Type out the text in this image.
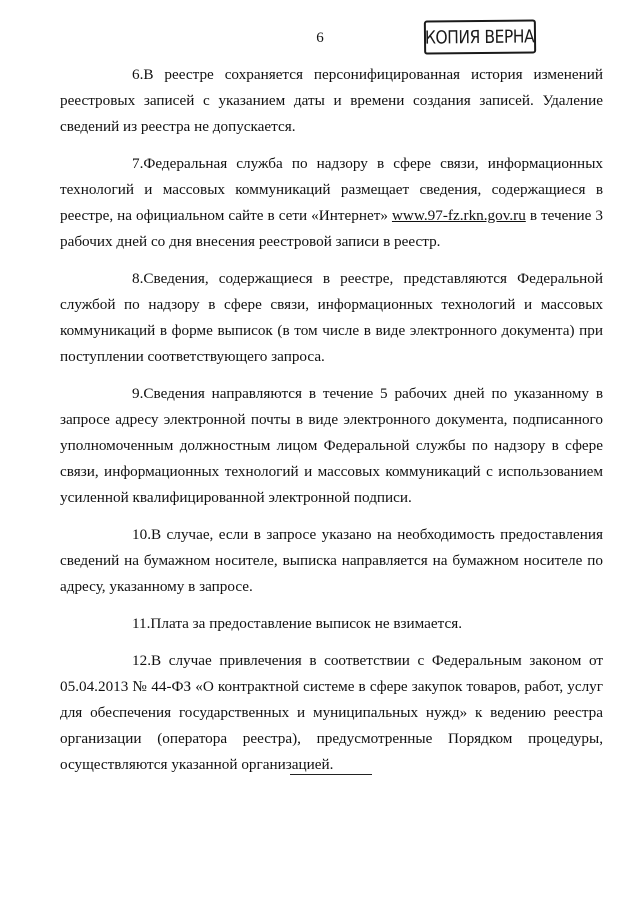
6	КОПИЯ ВЕРНА

6.В реестре сохраняется персонифицированная история изменений реестровых записей с указанием даты и времени создания записей. Удаление сведений из реестра не допускается.

7.Федеральная служба по надзору в сфере связи, информационных технологий и массовых коммуникаций размещает сведения, содержащиеся в реестре, на официальном сайте в сети «Интернет» www.97-fz.rkn.gov.ru в течение 3 рабочих дней со дня внесения реестровой записи в реестр.

8.Сведения, содержащиеся в реестре, представляются Федеральной службой по надзору в сфере связи, информационных технологий и массовых коммуникаций в форме выписок (в том числе в виде электронного документа) при поступлении соответствующего запроса.

9.Сведения направляются в течение 5 рабочих дней по указанному в запросе адресу электронной почты в виде электронного документа, подписанного уполномоченным должностным лицом Федеральной службы по надзору в сфере связи, информационных технологий и массовых коммуникаций с использованием усиленной квалифицированной электронной подписи.

10.В случае, если в запросе указано на необходимость предоставления сведений на бумажном носителе, выписка направляется на бумажном носителе по адресу, указанному в запросе.

11.Плата за предоставление выписок не взимается.

12.В случае привлечения в соответствии с Федеральным законом от 05.04.2013 № 44-ФЗ «О контрактной системе в сфере закупок товаров, работ, услуг для обеспечения государственных и муниципальных нужд» к ведению реестра организации (оператора реестра), предусмотренные Порядком процедуры, осуществляются указанной организацией.
